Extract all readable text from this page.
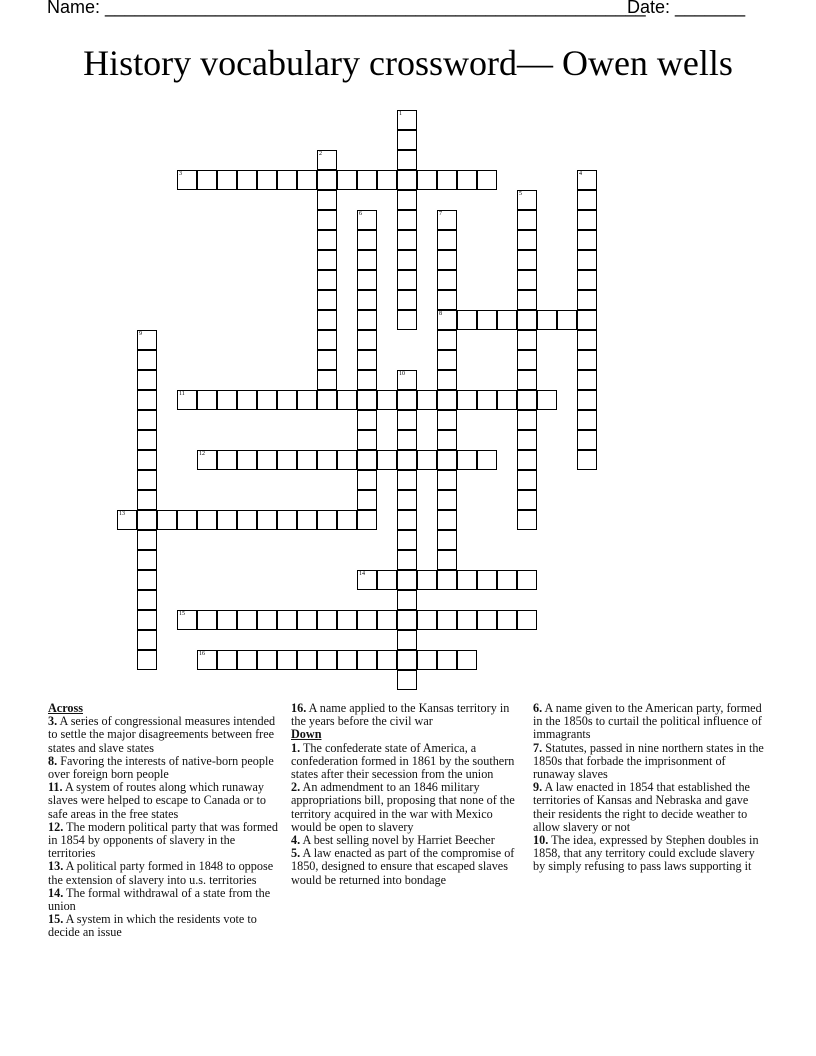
Name: ______________________________________________________
Date: _______
History vocabulary crossword— Owen wells
1
2
3	4
5
6	7
8
9
10
11
12
13
14
15
16

Across

3. A series of congressional measures intended to settle the major disagreements between free states and slave states

8. Favoring the interests of native-born people over foreign born people

11. A system of routes along which runaway slaves were helped to escape to Canada or to safe areas in the free states

12. The modern political party that was formed in 1854 by opponents of slavery in the territories

13. A political party formed in 1848 to oppose the extension of slavery into u.s. territories

14. The formal withdrawal of a state from the union

15. A system in which the residents vote to decide an issue

16. A name applied to the Kansas territory in the years before the civil war

Down

1. The confederate state of America, a confederation formed in 1861 by the southern states after their secession from the union

2. An admendment to an 1846 military appropriations bill, proposing that none of the territory acquired in the war with Mexico would be open to slavery

4. A best selling novel by Harriet Beecher

5. A law enacted as part of the compromise of 1850, designed to ensure that escaped slaves would be returned into bondage

6. A name given to the American party, formed in the 1850s to curtail the political influence of immagrants

7. Statutes, passed in nine northern states in the 1850s that forbade the imprisonment of runaway slaves

9. A law enacted in 1854 that established the territories of Kansas and Nebraska and gave their residents the right to decide weather to allow slavery or not

10. The idea, expressed by Stephen doubles in 1858, that any territory could exclude slavery by simply refusing to pass laws supporting it
